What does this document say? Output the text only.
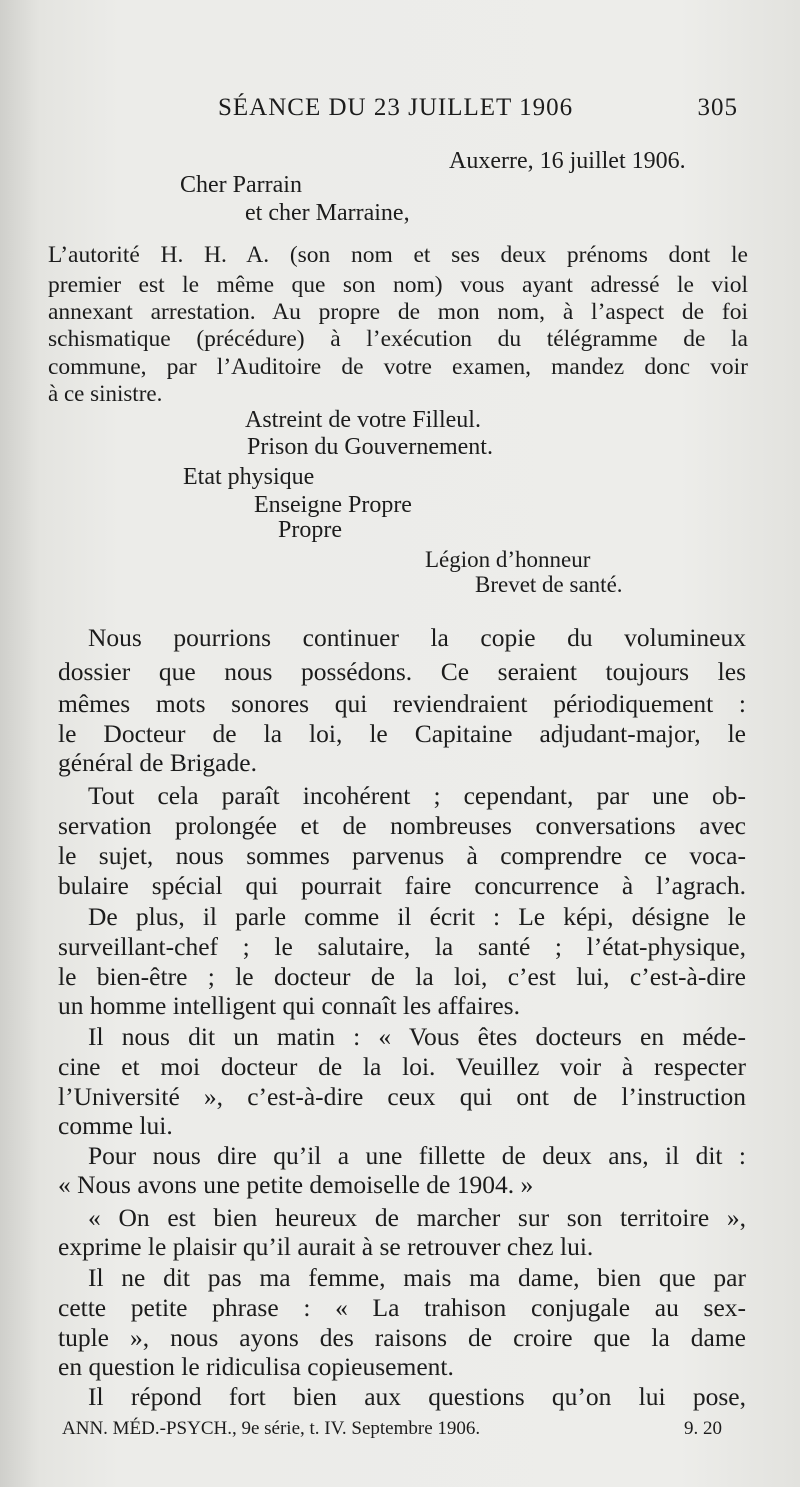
SÉANCE DU 23 JUILLET 1906	305
Auxerre, 16 juillet 1906.
Cher Parrain
et cher Marraine,
L’autorité H. H. A. (son nom et ses deux prénoms dont le
premier est le même que son nom) vous ayant adressé le viol
annexant arrestation. Au propre de mon nom, à l’aspect de foi
schismatique (précédure) à l’exécution du télégramme de la
commune, par l’Auditoire de votre examen, mandez donc voir
à ce sinistre.
Astreint de votre Filleul.
Prison du Gouvernement.
Etat physique
Enseigne Propre
Propre
Légion d’honneur
Brevet de santé.
Nous pourrions continuer la copie du volumineux
dossier que nous possédons. Ce seraient toujours les
mêmes mots sonores qui reviendraient périodiquement :
le Docteur de la loi, le Capitaine adjudant-major, le
général de Brigade.
Tout cela paraît incohérent ; cependant, par une ob-
servation prolongée et de nombreuses conversations avec
le sujet, nous sommes parvenus à comprendre ce voca-
bulaire spécial qui pourrait faire concurrence à l’agrach.
De plus, il parle comme il écrit : Le képi, désigne le
surveillant-chef ; le salutaire, la santé ; l’état-physique,
le bien-être ; le docteur de la loi, c’est lui, c’est-à-dire
un homme intelligent qui connaît les affaires.
Il nous dit un matin : « Vous êtes docteurs en méde-
cine et moi docteur de la loi. Veuillez voir à respecter
l’Université », c’est-à-dire ceux qui ont de l’instruction
comme lui.
Pour nous dire qu’il a une fillette de deux ans, il dit :
« Nous avons une petite demoiselle de 1904. »
« On est bien heureux de marcher sur son territoire »,
exprime le plaisir qu’il aurait à se retrouver chez lui.
Il ne dit pas ma femme, mais ma dame, bien que par
cette petite phrase : « La trahison conjugale au sex-
tuple », nous ayons des raisons de croire que la dame
en question le ridiculisa copieusement.
Il répond fort bien aux questions qu’on lui pose,
ANN. MÉD.-PSYCH., 9e série, t. IV. Septembre 1906.	9. 20
